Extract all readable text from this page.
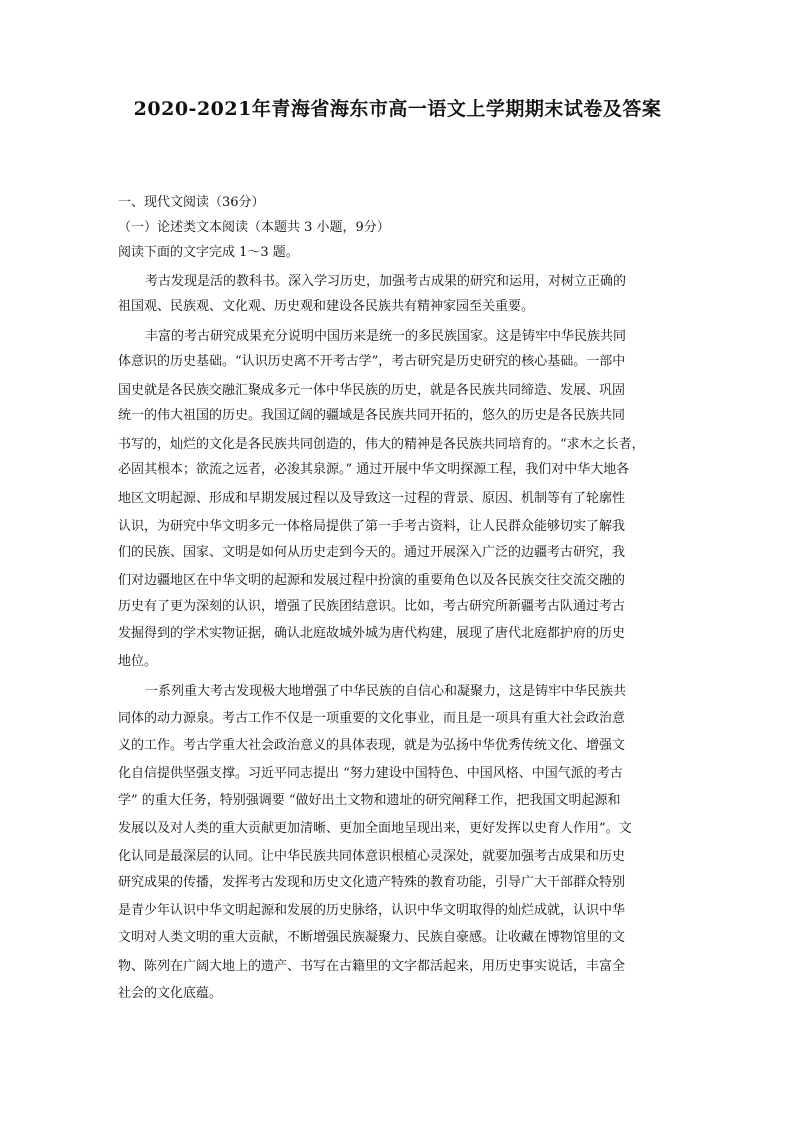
2020-2021年青海省海东市高一语文上学期期末试卷及答案
一、现代文阅读（36分）
（一）论述类文本阅读（本题共 3 小题，9分）
阅读下面的文字完成 1～3 题。
考古发现是活的教科书。深入学习历史，加强考古成果的研究和运用，对树立正确的
祖国观、民族观、文化观、历史观和建设各民族共有精神家园至关重要。
丰富的考古研究成果充分说明中国历来是统一的多民族国家。这是铸牢中华民族共同
体意识的历史基础。“认识历史离不开考古学”，考古研究是历史研究的核心基础。一部中
国史就是各民族交融汇聚成多元一体中华民族的历史，就是各民族共同缔造、发展、巩固
统一的伟大祖国的历史。我国辽阔的疆域是各民族共同开拓的，悠久的历史是各民族共同
书写的，灿烂的文化是各民族共同创造的，伟大的精神是各民族共同培育的。“求木之长者，
必固其根本；欲流之远者，必浚其泉源。” 通过开展中华文明探源工程，我们对中华大地各
地区文明起源、形成和早期发展过程以及导致这一过程的背景、原因、机制等有了轮廓性
认识，为研究中华文明多元一体格局提供了第一手考古资料，让人民群众能够切实了解我
们的民族、国家、文明是如何从历史走到今天的。通过开展深入广泛的边疆考古研究，我
们对边疆地区在中华文明的起源和发展过程中扮演的重要角色以及各民族交往交流交融的
历史有了更为深刻的认识，增强了民族团结意识。比如，考古研究所新疆考古队通过考古
发掘得到的学术实物证据，确认北庭故城外城为唐代构建，展现了唐代北庭都护府的历史
地位。
一系列重大考古发现极大地增强了中华民族的自信心和凝聚力，这是铸牢中华民族共
同体的动力源泉。考古工作不仅是一项重要的文化事业，而且是一项具有重大社会政治意
义的工作。考古学重大社会政治意义的具体表现，就是为弘扬中华优秀传统文化、增强文
化自信提供坚强支撑。习近平同志提出 “努力建设中国特色、中国风格、中国气派的考古
学” 的重大任务，特别强调要 “做好出土文物和遗址的研究阐释工作，把我国文明起源和
发展以及对人类的重大贡献更加清晰、更加全面地呈现出来，更好发挥以史育人作用”。文
化认同是最深层的认同。让中华民族共同体意识根植心灵深处，就要加强考古成果和历史
研究成果的传播，发挥考古发现和历史文化遗产特殊的教育功能，引导广大干部群众特别
是青少年认识中华文明起源和发展的历史脉络，认识中华文明取得的灿烂成就，认识中华
文明对人类文明的重大贡献，不断增强民族凝聚力、民族自豪感。让收藏在博物馆里的文
物、陈列在广阔大地上的遗产、书写在古籍里的文字都活起来，用历史事实说话，丰富全
社会的文化底蕴。
